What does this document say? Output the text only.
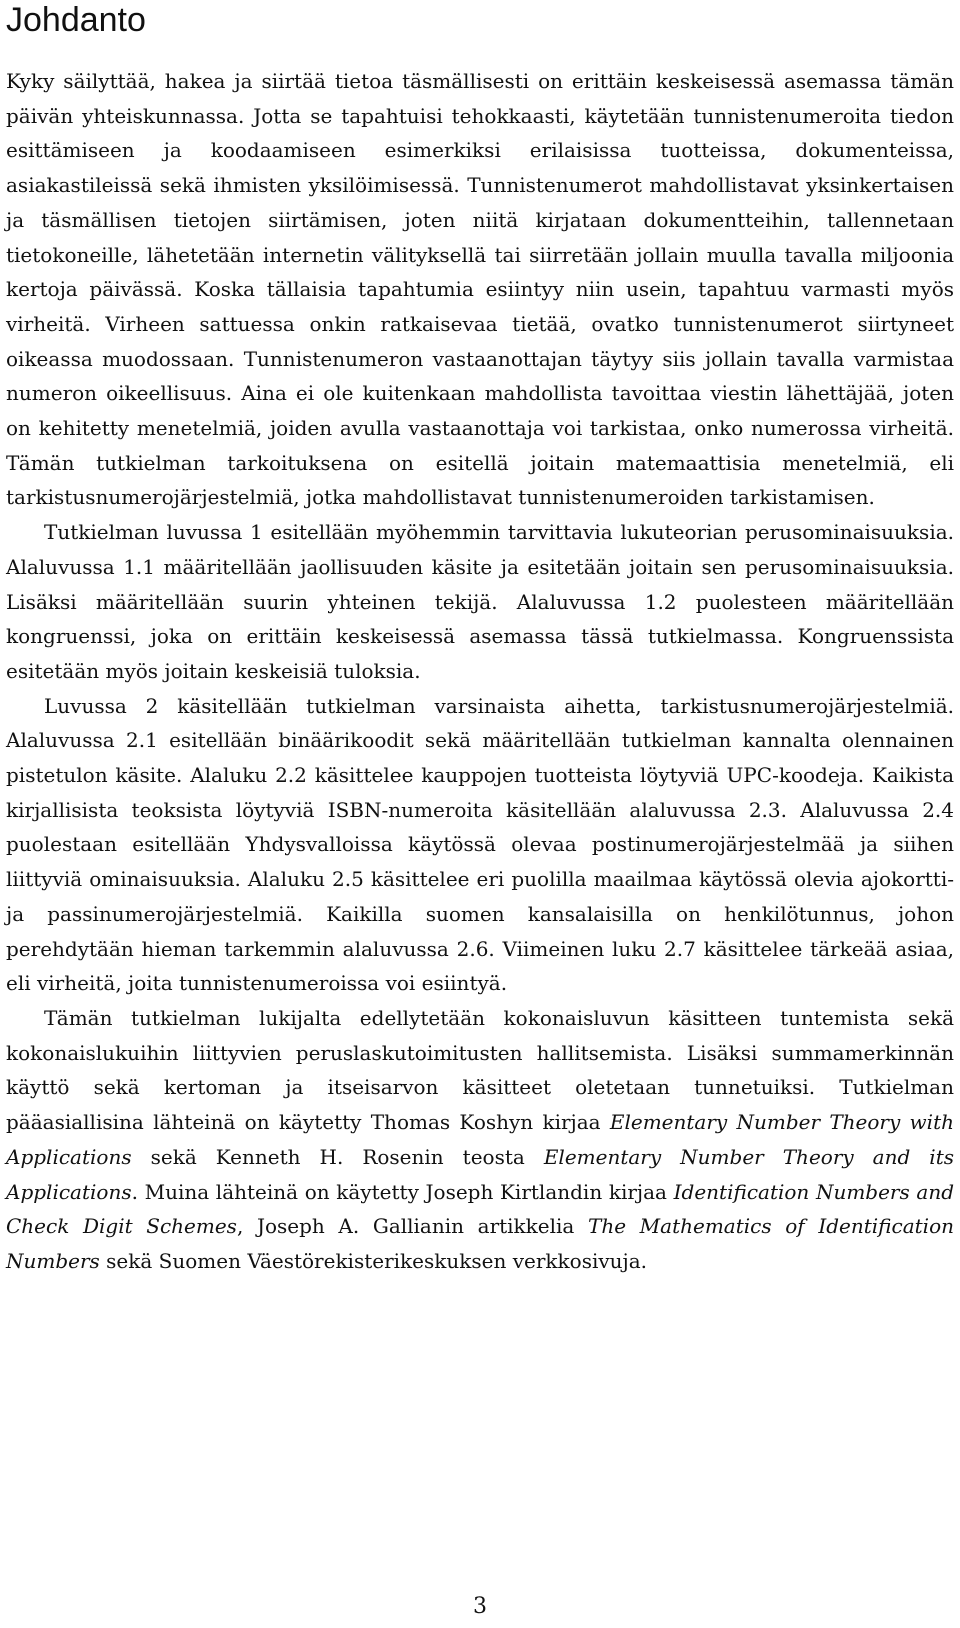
Johdanto

Kyky säilyttää, hakea ja siirtää tietoa täsmällisesti on erittäin keskeisessä asemassa tämän päivän yhteiskunnassa. Jotta se tapahtuisi tehokkaasti, käytetään tunnistenumeroita tiedon esittämiseen ja koodaamiseen esimerkiksi erilaisissa tuotteissa, dokumenteissa, asiakastileissä sekä ihmisten yksilöimisessä. Tunnistenumerot mahdollistavat yksinkertaisen ja täsmällisen tietojen siirtämisen, joten niitä kirjataan dokumentteihin, tallennetaan tietokoneille, lähetetään internetin välityksellä tai siirretään jollain muulla tavalla miljoonia kertoja päivässä. Koska tällaisia tapahtumia esiintyy niin usein, tapahtuu varmasti myös virheitä. Virheen sattuessa onkin ratkaisevaa tietää, ovatko tunnistenumerot siirtyneet oikeassa muodossaan. Tunnistenumeron vastaanottajan täytyy siis jollain tavalla varmistaa numeron oikeellisuus. Aina ei ole kuitenkaan mahdollista tavoittaa viestin lähettäjää, joten on kehitetty menetelmiä, joiden avulla vastaanottaja voi tarkistaa, onko numerossa virheitä. Tämän tutkielman tarkoituksena on esitellä joitain matemaattisia menetelmiä, eli tarkistusnumerojärjestelmiä, jotka mahdollistavat tunnistenumeroiden tarkistamisen.

Tutkielman luvussa 1 esitellään myöhemmin tarvittavia lukuteorian perusominaisuuksia. Alaluvussa 1.1 määritellään jaollisuuden käsite ja esitetään joitain sen perusominaisuuksia. Lisäksi määritellään suurin yhteinen tekijä. Alaluvussa 1.2 puolesteen määritellään kongruenssi, joka on erittäin keskeisessä asemassa tässä tutkielmassa. Kongruenssista esitetään myös joitain keskeisiä tuloksia.

Luvussa 2 käsitellään tutkielman varsinaista aihetta, tarkistusnumerojärjestelmiä. Alaluvussa 2.1 esitellään binäärikoodit sekä määritellään tutkielman kannalta olennainen pistetulon käsite. Alaluku 2.2 käsittelee kauppojen tuotteista löytyviä UPC-koodeja. Kaikista kirjallisista teoksista löytyviä ISBN-numeroita käsitellään alaluvussa 2.3. Alaluvussa 2.4 puolestaan esitellään Yhdysvalloissa käytössä olevaa postinumerojärjestelmää ja siihen liittyviä ominaisuuksia. Alaluku 2.5 käsittelee eri puolilla maailmaa käytössä olevia ajokortti- ja passinumerojärjestelmiä. Kaikilla suomen kansalaisilla on henkilötunnus, johon perehdytään hieman tarkemmin alaluvussa 2.6. Viimeinen luku 2.7 käsittelee tärkeää asiaa, eli virheitä, joita tunnistenumeroissa voi esiintyä.

Tämän tutkielman lukijalta edellytetään kokonaisluvun käsitteen tuntemista sekä kokonaislukuihin liittyvien peruslaskutoimitusten hallitsemista. Lisäksi summamerkinnän käyttö sekä kertoman ja itseisarvon käsitteet oletetaan tunnetuiksi. Tutkielman pääasiallisina lähteinä on käytetty Thomas Koshyn kirjaa Elementary Number Theory with Applications sekä Kenneth H. Rosenin teosta Elementary Number Theory and its Applications. Muina lähteinä on käytetty Joseph Kirtlandin kirjaa Identification Numbers and Check Digit Schemes, Joseph A. Gallianin artikkelia The Mathematics of Identification Numbers sekä Suomen Väestörekisterikeskuksen verkkosivuja.

3
